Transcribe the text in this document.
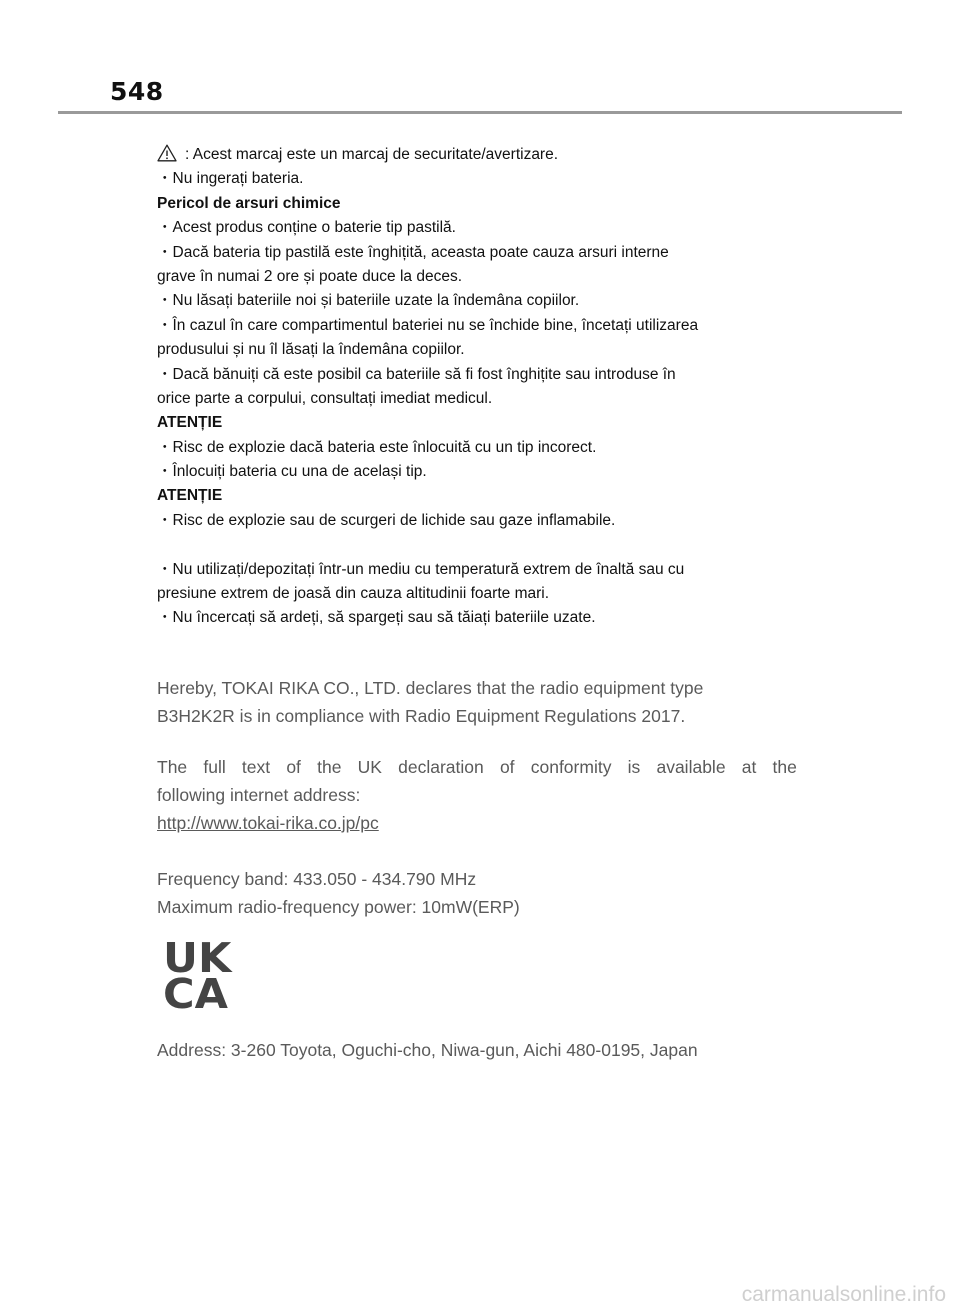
548
: Acest marcaj este un marcaj de securitate/avertizare.
・Nu ingerați bateria.
Pericol de arsuri chimice
・Acest produs conține o baterie tip pastilă.
・Dacă bateria tip pastilă este înghițită, aceasta poate cauza arsuri interne
grave în numai 2 ore și poate duce la deces.
・Nu lăsați bateriile noi și bateriile uzate la îndemâna copiilor.
・În cazul în care compartimentul bateriei nu se închide bine, încetați utilizarea
produsului și nu îl lăsați la îndemâna copiilor.
・Dacă bănuiți că este posibil ca bateriile să fi fost înghițite sau introduse în
orice parte a corpului, consultați imediat medicul.
ATENȚIE
・Risc de explozie dacă bateria este înlocuită cu un tip incorect.
・Înlocuiți bateria cu una de același tip.
ATENȚIE
・Risc de explozie sau de scurgeri de lichide sau gaze inflamabile.
・Nu utilizați/depozitați într-un mediu cu temperatură extrem de înaltă sau cu
presiune extrem de joasă din cauza altitudinii foarte mari.
・Nu încercați să ardeți, să spargeți sau să tăiați bateriile uzate.
Hereby, TOKAI RIKA CO., LTD. declares that the radio equipment type
B3H2K2R is in compliance with Radio Equipment Regulations 2017.
The full text of the UK declaration of conformity is available at the
following internet address:
http://www.tokai-rika.co.jp/pc
Frequency band: 433.050 - 434.790 MHz
Maximum radio-frequency power: 10mW(ERP)
UK
CA
Address: 3-260 Toyota, Oguchi-cho, Niwa-gun, Aichi 480-0195, Japan
carmanualsonline.info
